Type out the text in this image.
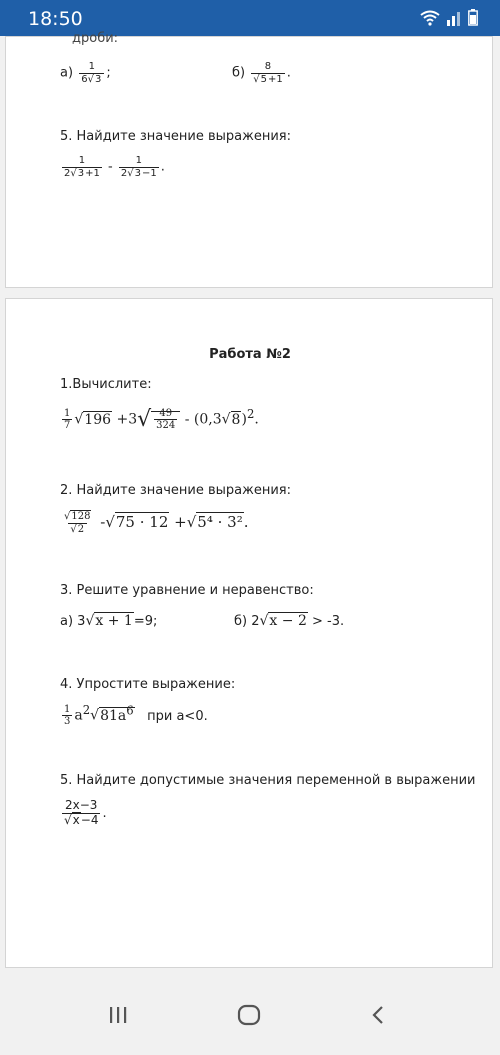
18:50
дроби:
$а) \frac{1}{6√3}$ ;	$б) \frac{8}{√5+1}$ .
5. Найдите значение выражения:
$\frac{1}{2√3+1} - \frac{1}{2√3-1}$ .
Работа №2
1.Вычислите:
$\frac{1}{7} √196 +3√ \frac{49}{324} - (0,3√8)^2$.
2. Найдите значение выражения:
$\frac{√128}{√2} -√75 \cdot 12 +√5^4 \cdot 3^2$.
3. Решите уравнение и неравенство:
а) 3√x + 1=9;	б) 2√x − 2 > -3.
4. Упростите выражение:
$\frac{1}{3} a^2√81a^6$ при a<0.
5. Найдите допустимые значения переменной в выражении
$\frac{2x-3}{√x-4}$ .
